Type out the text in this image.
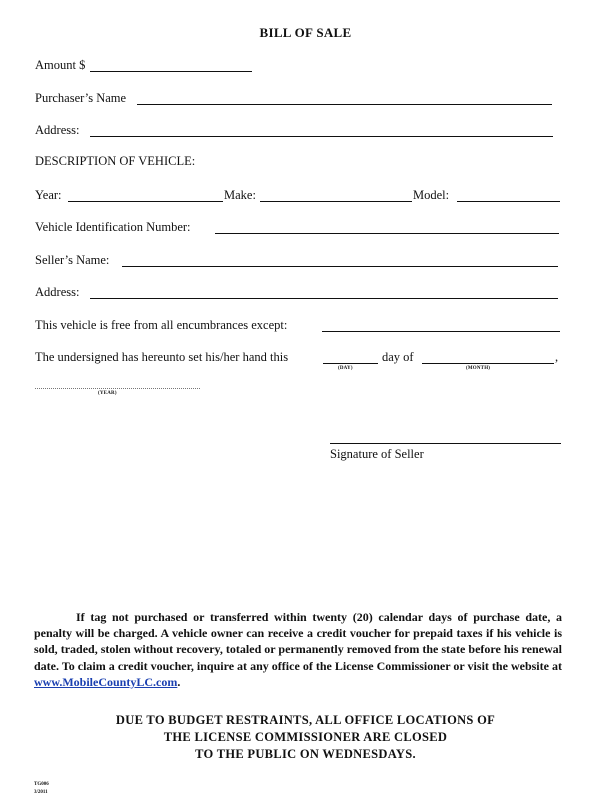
BILL OF SALE
Amount $
Purchaser’s Name
Address:
DESCRIPTION OF VEHICLE:
Year:	Make:	Model:
Vehicle Identification Number:
Seller’s Name:
Address:
This vehicle is free from all encumbrances except:
The undersigned has hereunto set his/her hand this	day of	,
(DAY)	(MONTH)
(YEAR)
Signature of Seller
If tag not purchased or transferred within twenty (20) calendar days of purchase date, a penalty will be charged. A vehicle owner can receive a credit voucher for prepaid taxes if his vehicle is sold, traded, stolen without recovery, totaled or permanently removed from the state before his renewal date. To claim a credit voucher, inquire at any office of the License Commissioner or visit the website at www.MobileCountyLC.com.
DUE TO BUDGET RESTRAINTS, ALL OFFICE LOCATIONS OF
THE LICENSE COMMISSIONER ARE CLOSED
TO THE PUBLIC ON WEDNESDAYS.
TG006
3/2011
